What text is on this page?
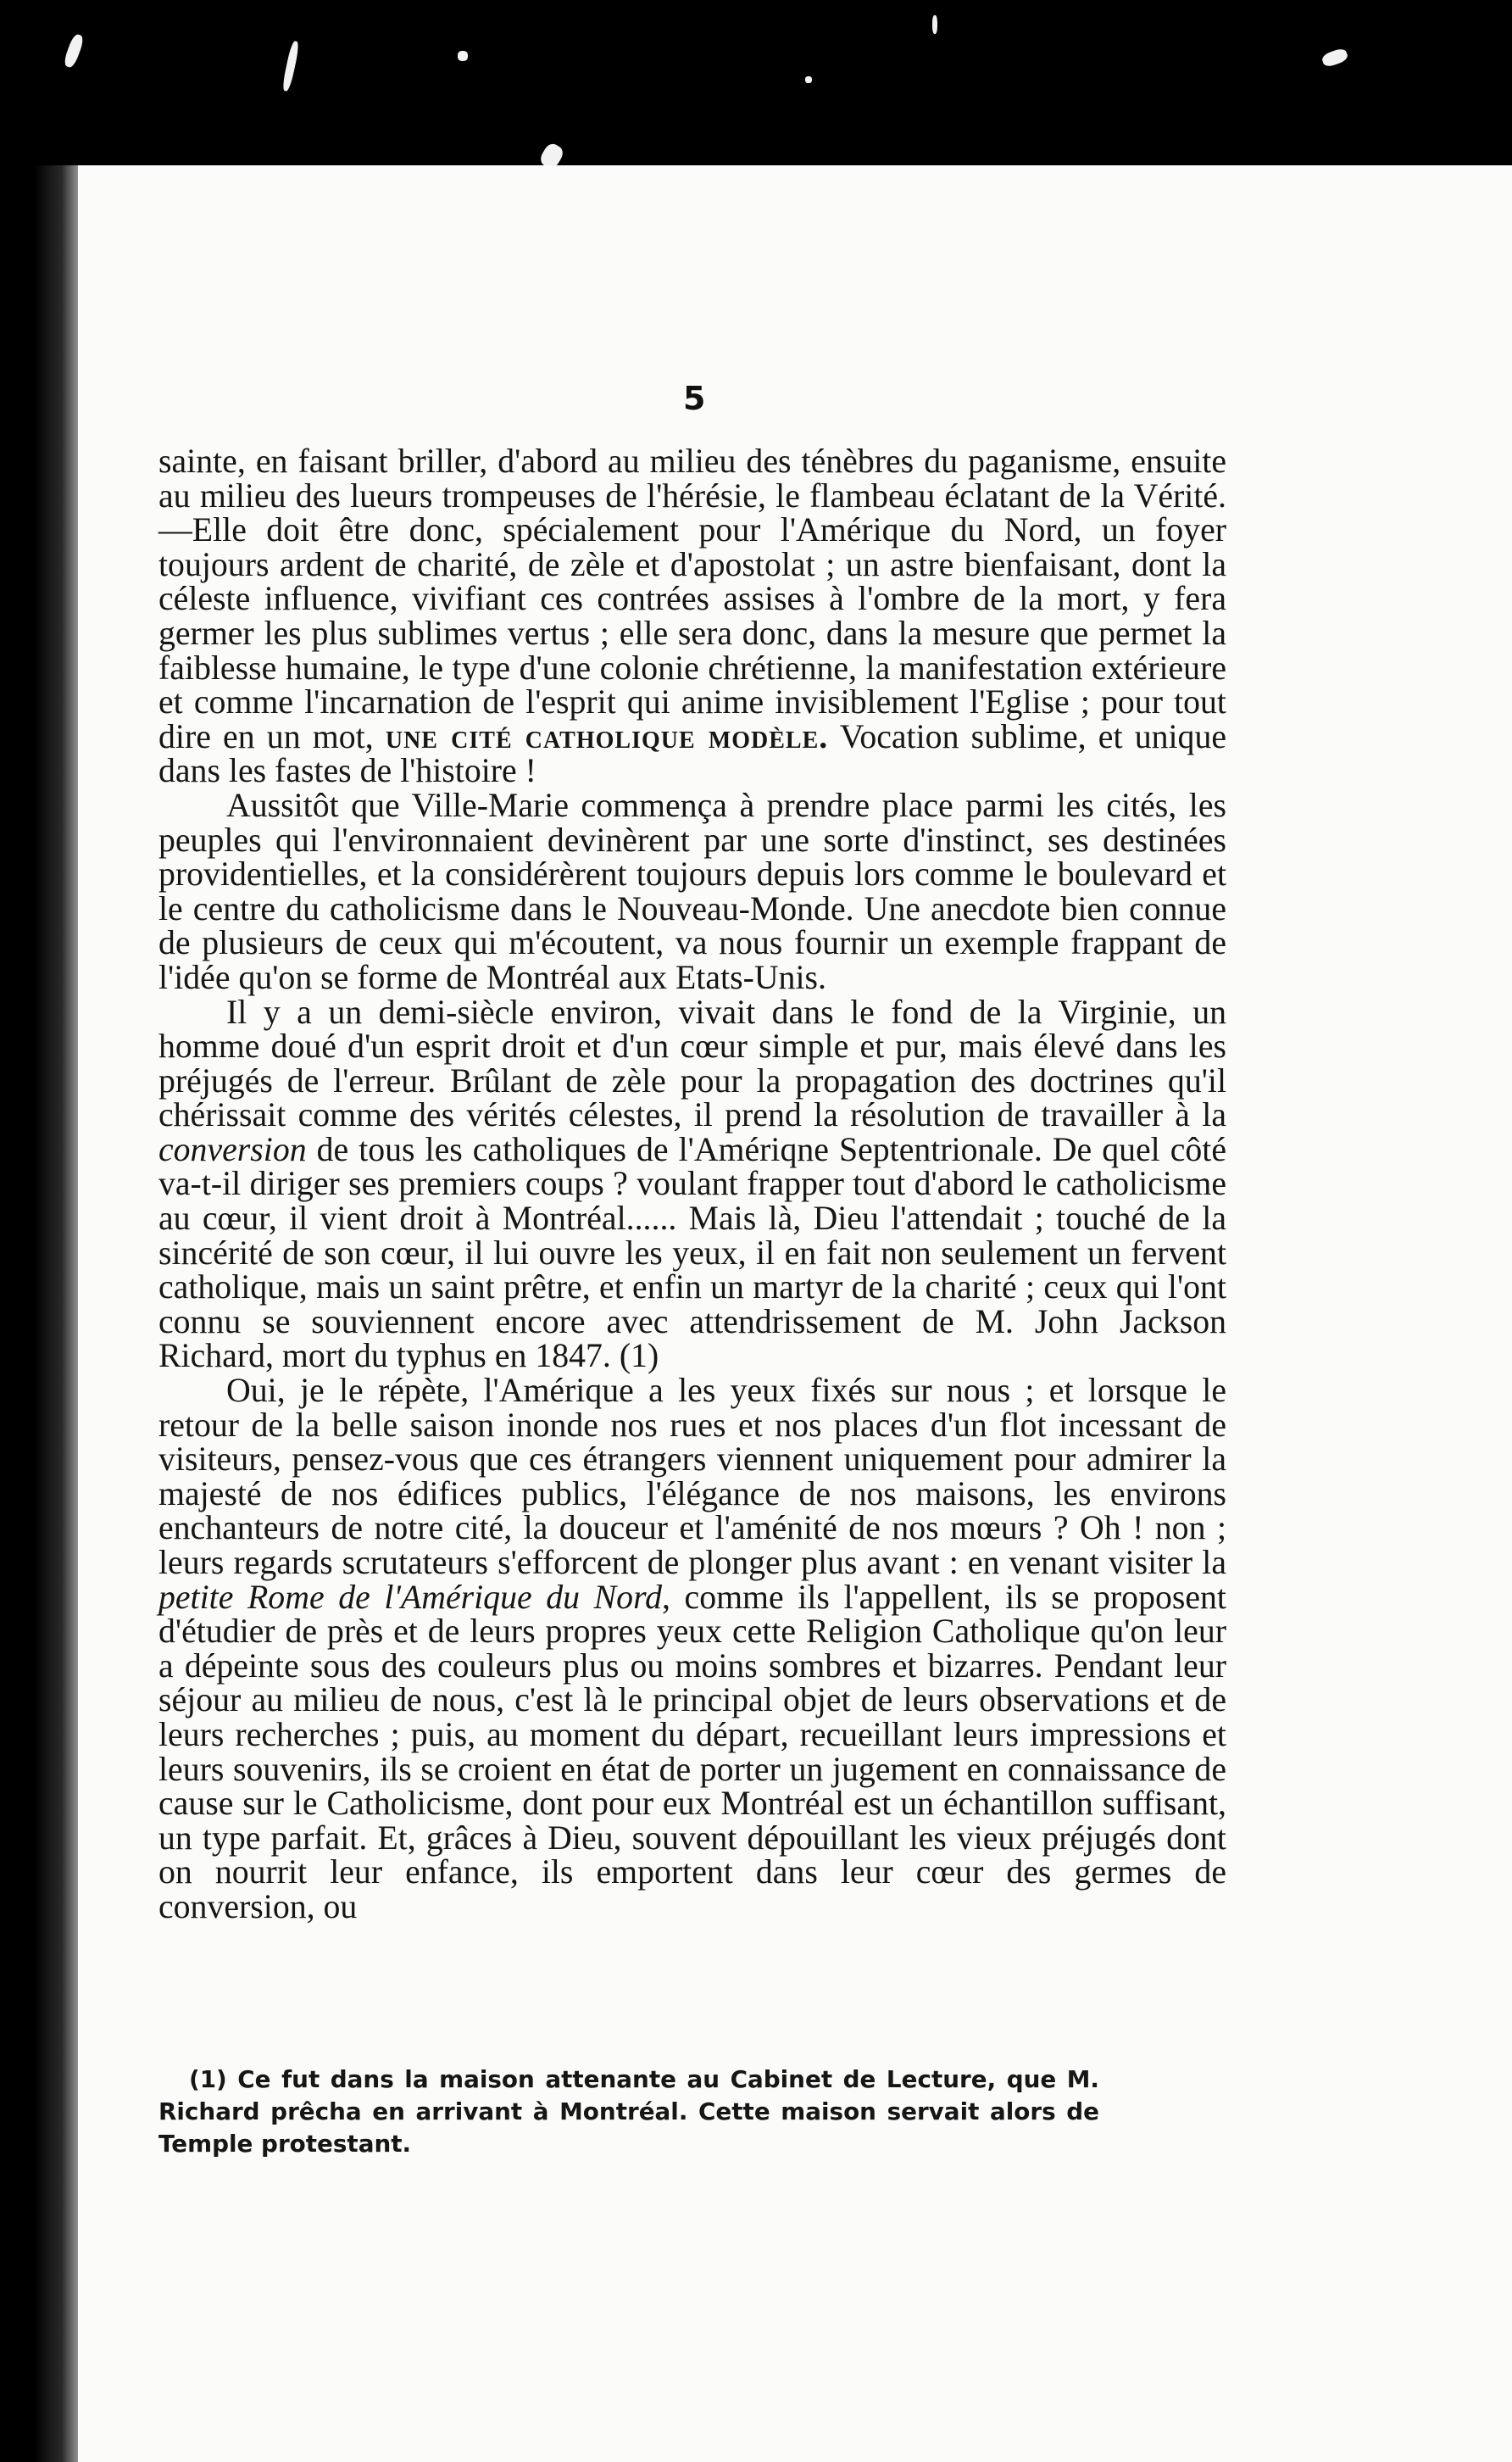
5

sainte, en faisant briller, d'abord au milieu des ténèbres du paganisme, ensuite au milieu des lueurs trompeuses de l'hérésie, le flambeau éclatant de la Vérité. —Elle doit être donc, spécialement pour l'Amérique du Nord, un foyer toujours ardent de charité, de zèle et d'apostolat ; un astre bienfaisant, dont la céleste influence, vivifiant ces contrées assises à l'ombre de la mort, y fera germer les plus sublimes vertus ; elle sera donc, dans la mesure que permet la faiblesse humaine, le type d'une colonie chrétienne, la manifestation extérieure et comme l'incarnation de l'esprit qui anime invisiblement l'Eglise ; pour tout dire en un mot, une cité catholique modèle. Vocation sublime, et unique dans les fastes de l'histoire !

Aussitôt que Ville-Marie commença à prendre place parmi les cités, les peuples qui l'environnaient devinèrent par une sorte d'instinct, ses destinées providentielles, et la considérèrent toujours depuis lors comme le boulevard et le centre du catholicisme dans le Nouveau-Monde. Une anecdote bien connue de plusieurs de ceux qui m'écoutent, va nous fournir un exemple frappant de l'idée qu'on se forme de Montréal aux Etats-Unis.

Il y a un demi-siècle environ, vivait dans le fond de la Virginie, un homme doué d'un esprit droit et d'un cœur simple et pur, mais élevé dans les préjugés de l'erreur. Brûlant de zèle pour la propagation des doctrines qu'il chérissait comme des vérités célestes, il prend la résolution de travailler à la conversion de tous les catholiques de l'Amériqne Septentrionale. De quel côté va-t-il diriger ses premiers coups ? voulant frapper tout d'abord le catholicisme au cœur, il vient droit à Montréal...... Mais là, Dieu l'attendait ; touché de la sincérité de son cœur, il lui ouvre les yeux, il en fait non seulement un fervent catholique, mais un saint prêtre, et enfin un martyr de la charité ; ceux qui l'ont connu se souviennent encore avec attendrissement de M. John Jackson Richard, mort du typhus en 1847. (1)

Oui, je le répète, l'Amérique a les yeux fixés sur nous ; et lorsque le retour de la belle saison inonde nos rues et nos places d'un flot incessant de visiteurs, pensez-vous que ces étrangers viennent uniquement pour admirer la majesté de nos édifices publics, l'élégance de nos maisons, les environs enchanteurs de notre cité, la douceur et l'aménité de nos mœurs ? Oh ! non ; leurs regards scrutateurs s'efforcent de plonger plus avant : en venant visiter la petite Rome de l'Amérique du Nord, comme ils l'appellent, ils se proposent d'étudier de près et de leurs propres yeux cette Religion Catholique qu'on leur a dépeinte sous des couleurs plus ou moins sombres et bizarres. Pendant leur séjour au milieu de nous, c'est là le principal objet de leurs observations et de leurs recherches ; puis, au moment du départ, recueillant leurs impressions et leurs souvenirs, ils se croient en état de porter un jugement en connaissance de cause sur le Catholicisme, dont pour eux Montréal est un échantillon suffisant, un type parfait. Et, grâces à Dieu, souvent dépouillant les vieux préjugés dont on nourrit leur enfance, ils emportent dans leur cœur des germes de conversion, ou

(1) Ce fut dans la maison attenante au Cabinet de Lecture, que M. Richard prêcha en arrivant à Montréal. Cette maison servait alors de Temple protestant.
